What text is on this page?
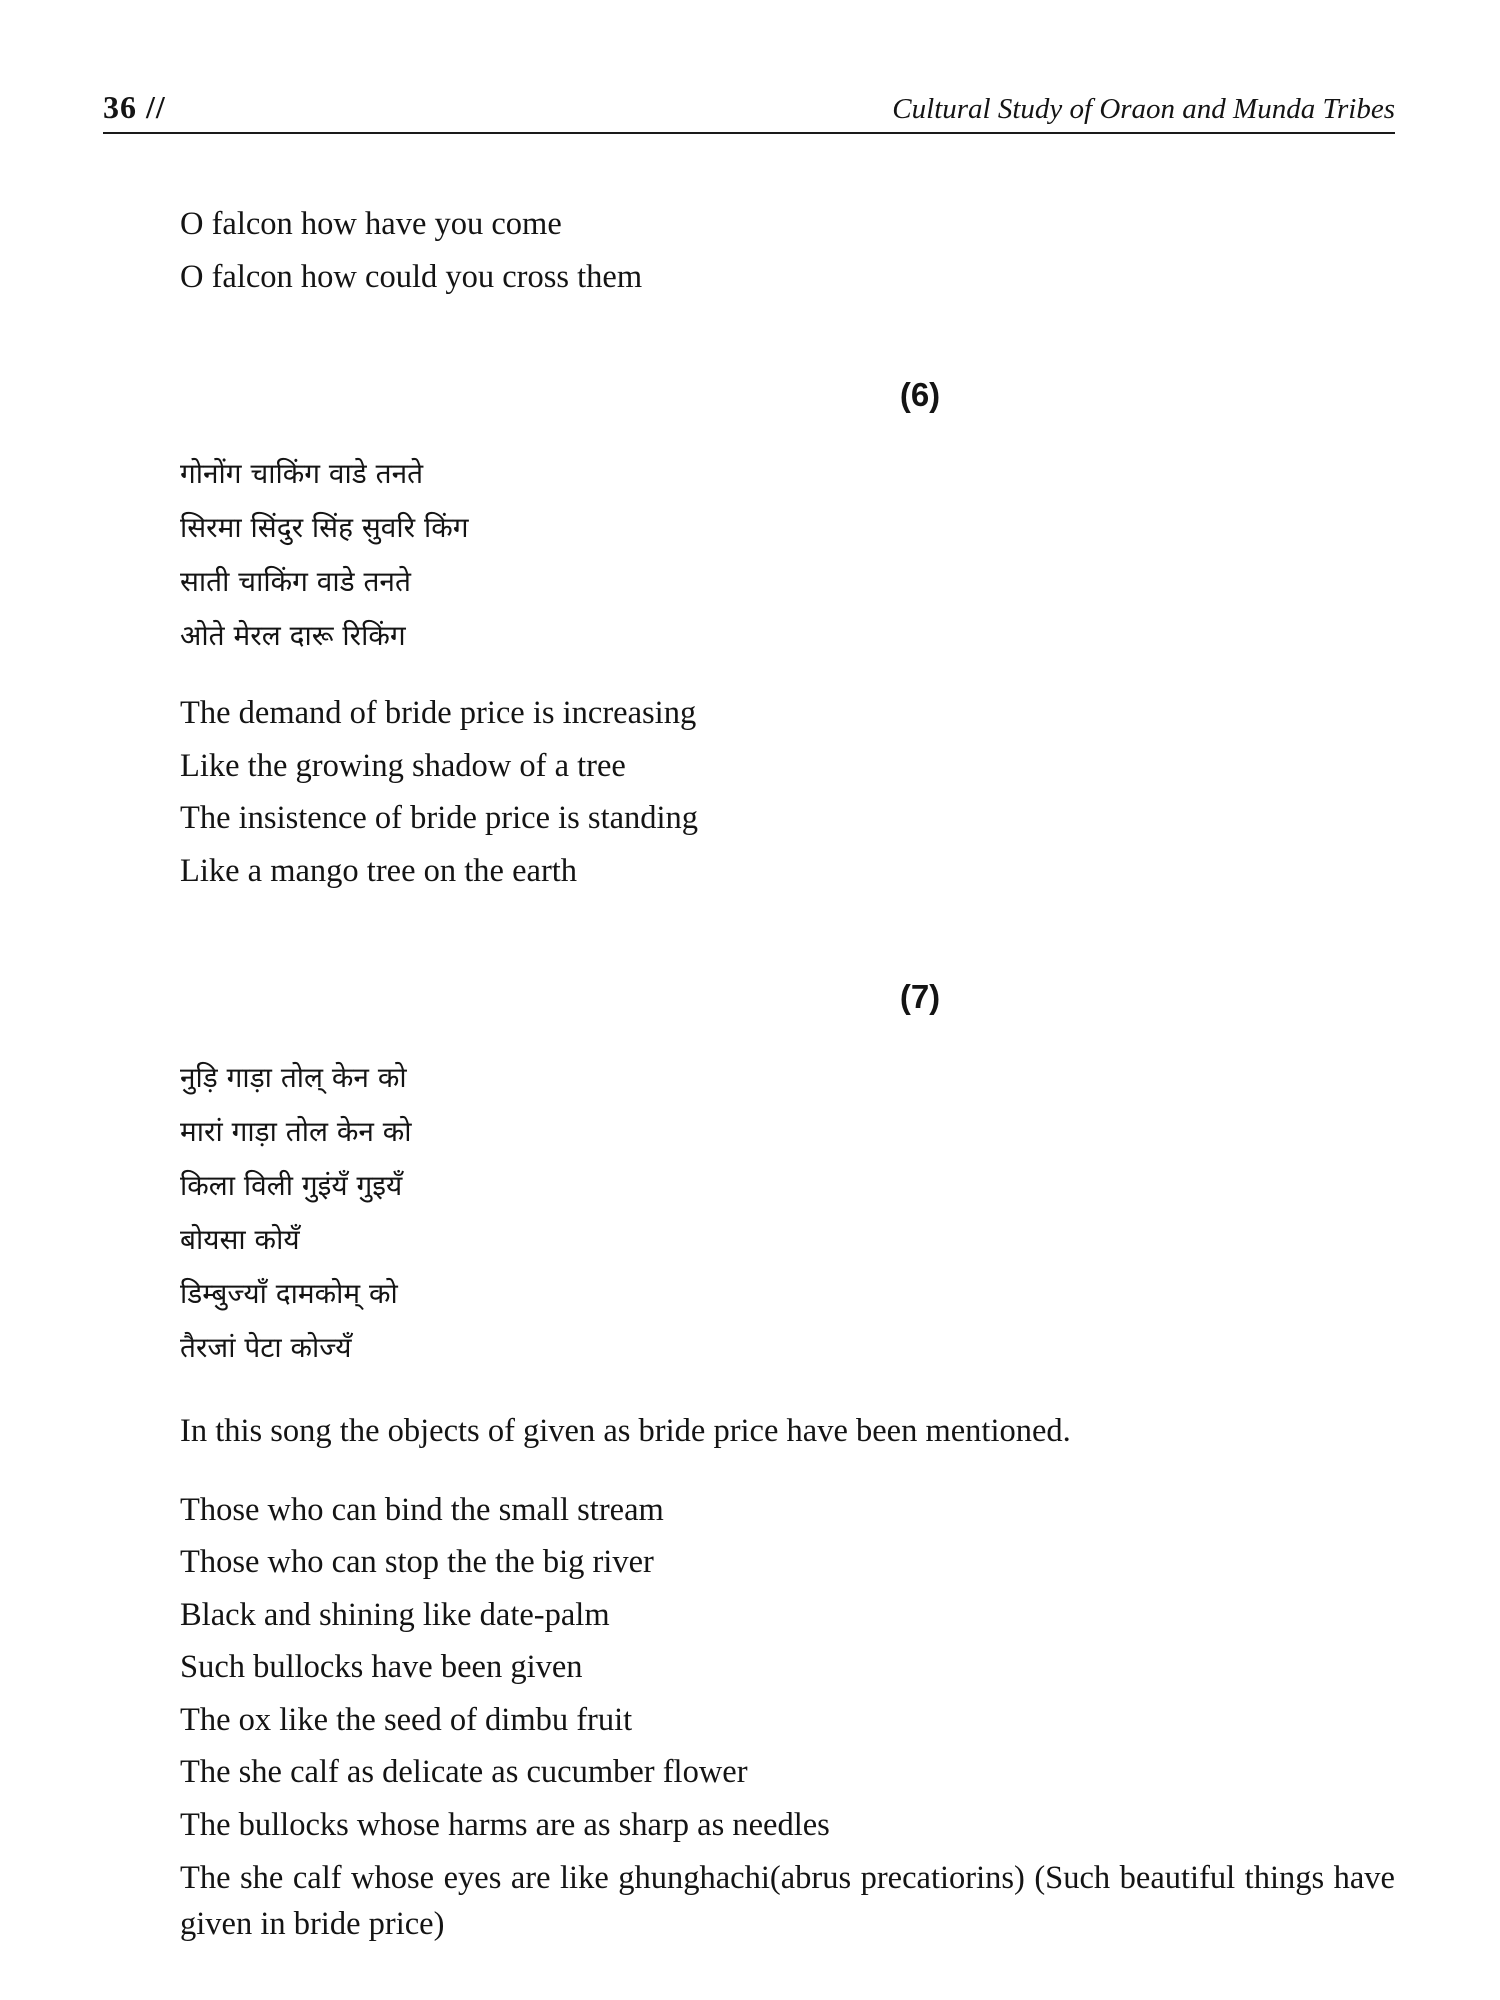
36 //	Cultural Study of Oraon and Munda Tribes

O falcon how have you come

O falcon how could you cross them

(6)

गोनोंग चाकिंग वाडे तनते

सिरमा सिंदुर सिंह सुवरि किंग

साती चाकिंग वाडे तनते

ओते मेरल दारू रिकिंग

The demand of bride price is increasing

Like the growing shadow of a tree

The insistence of bride price is standing

Like a mango tree on the earth

(7)

नुड़ि गाड़ा तोल् केन को

मारां गाड़ा तोल केन को

किला विली गुइंयँ गुइयँ

बोयसा कोयँ

डिम्बुज्याँ दामकोम् को

तैरजां पेटा कोज्यँ

In this song the objects of given as bride price have been mentioned.

Those who can bind the small stream

Those who can stop the the big river

Black and shining like date-palm

Such bullocks have been given

The ox like the seed of dimbu fruit

The she calf as delicate as cucumber flower

The bullocks whose harms are as sharp as needles

The she calf whose eyes are like ghunghachi(abrus precatiorins) (Such beautiful things have given in bride price)
